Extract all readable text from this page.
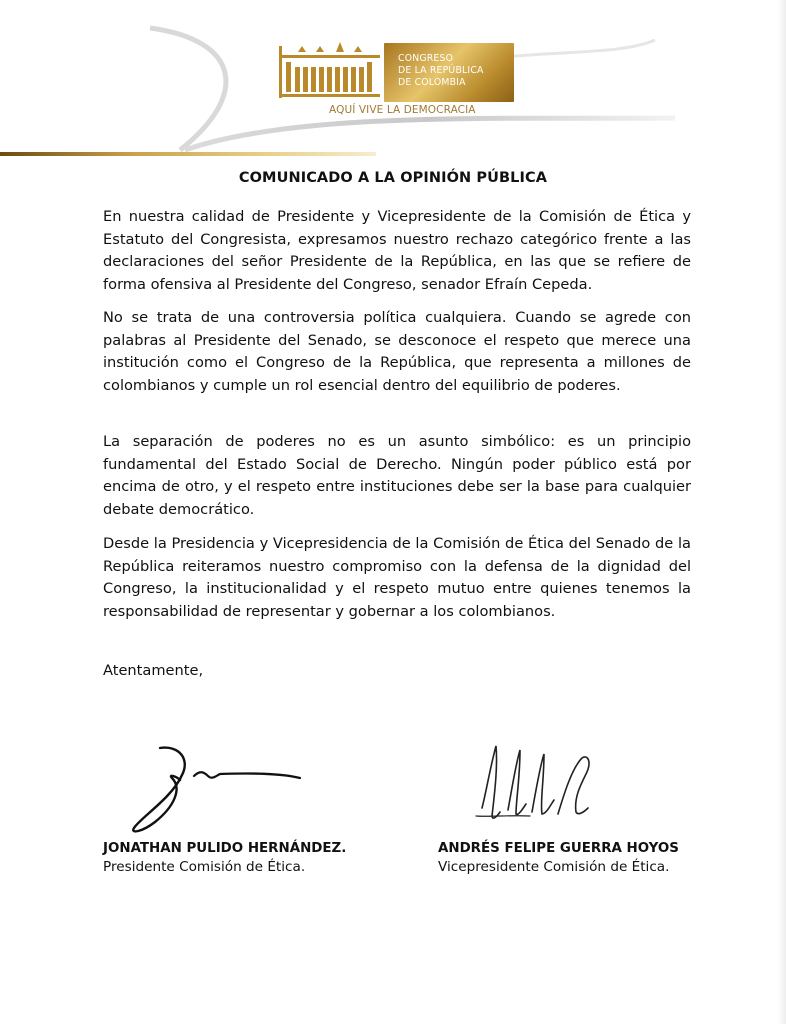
CONGRESO
DE LA REPÚBLICA
DE COLOMBIA
AQUÍ VIVE LA DEMOCRACIA
COMUNICADO A LA OPINIÓN PÚBLICA

En nuestra calidad de Presidente y Vicepresidente de la Comisión de Ética y Estatuto del Congresista, expresamos nuestro rechazo categórico frente a las declaraciones del señor Presidente de la República, en las que se refiere de forma ofensiva al Presidente del Congreso, senador Efraín Cepeda.

No se trata de una controversia política cualquiera. Cuando se agrede con palabras al Presidente del Senado, se desconoce el respeto que merece una institución como el Congreso de la República, que representa a millones de colombianos y cumple un rol esencial dentro del equilibrio de poderes.

La separación de poderes no es un asunto simbólico: es un principio fundamental del Estado Social de Derecho. Ningún poder público está por encima de otro, y el respeto entre instituciones debe ser la base para cualquier debate democrático.

Desde la Presidencia y Vicepresidencia de la Comisión de Ética del Senado de la República reiteramos nuestro compromiso con la defensa de la dignidad del Congreso, la institucionalidad y el respeto mutuo entre quienes tenemos la responsabilidad de representar y gobernar a los colombianos.

Atentamente,
JONATHAN PULIDO HERNÁNDEZ.
Presidente Comisión de Ética.
ANDRÉS FELIPE GUERRA HOYOS
Vicepresidente Comisión de Ética.
